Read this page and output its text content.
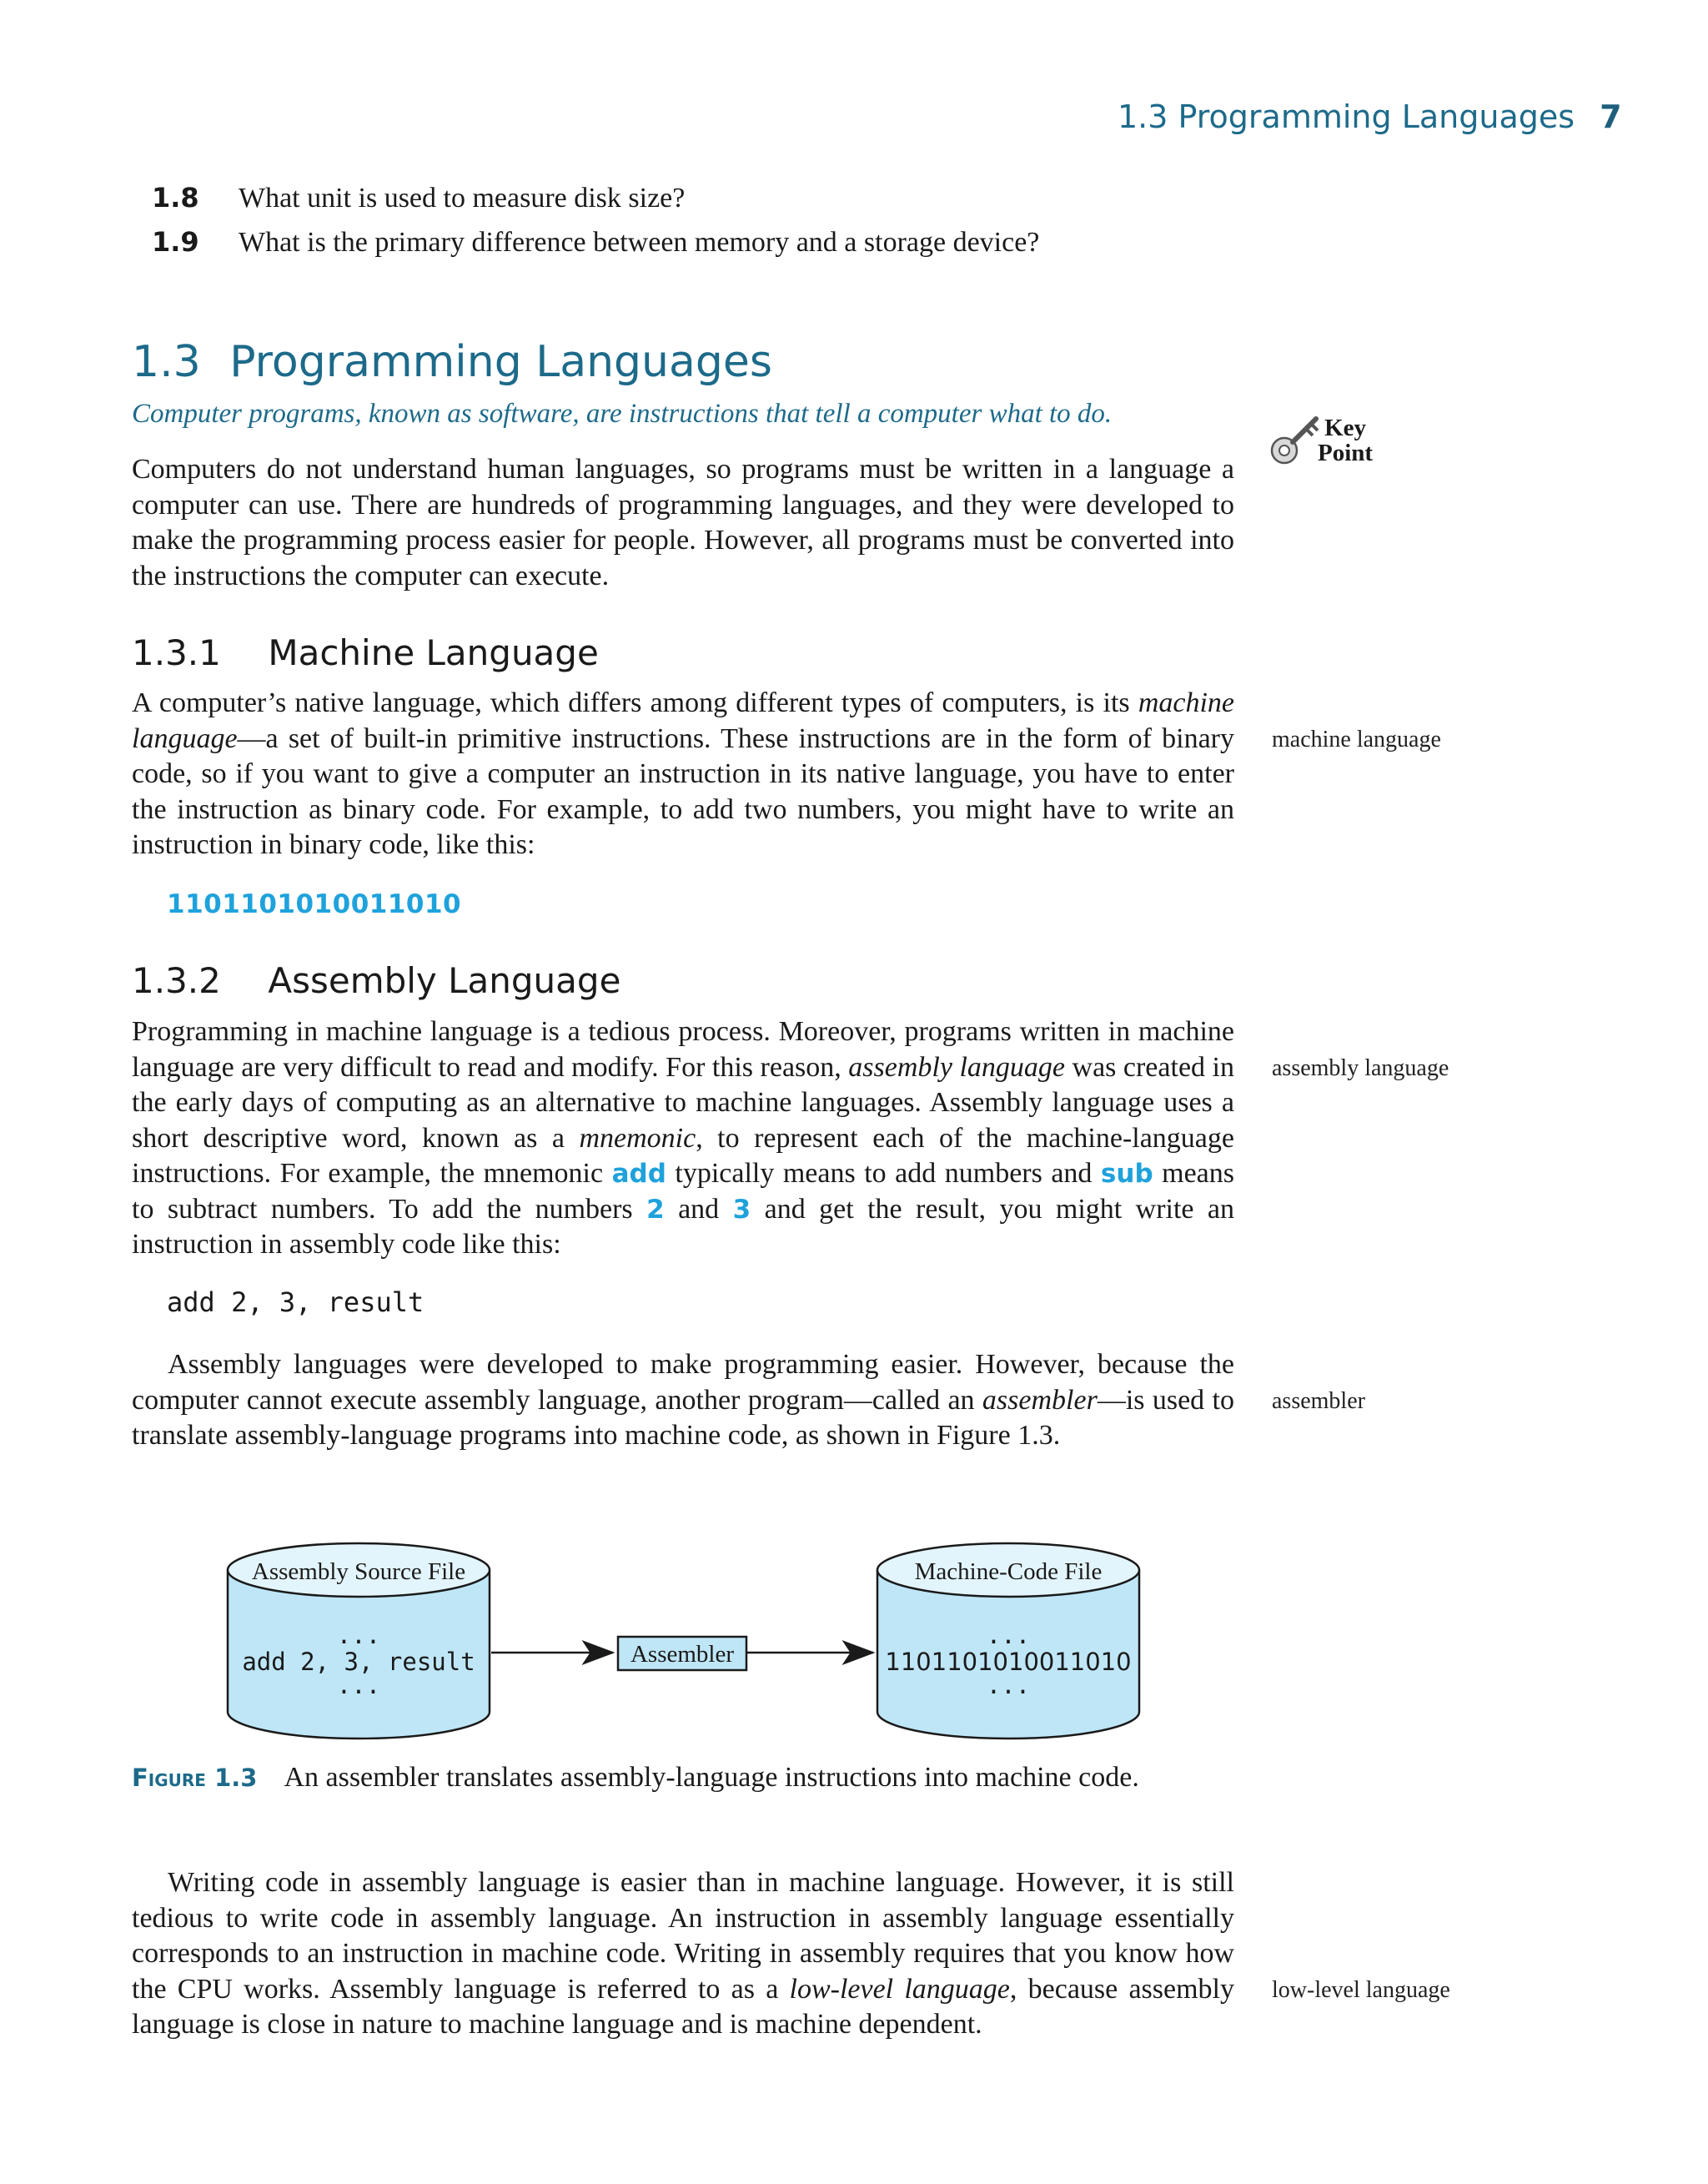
1.3 Programming Languages 7
1.8 What unit is used to measure disk size?
1.9 What is the primary difference between memory and a storage device?
1.3 Programming Languages
Computer programs, known as software, are instructions that tell a computer what to do.	Key
Point
Computers do not understand human languages, so programs must be written in a language a computer can use. There are hundreds of programming languages, and they were developed to make the programming process easier for people. However, all programs must be converted into the instructions the computer can execute.
1.3.1 Machine Language
A computer’s native language, which differs among different types of computers, is its machine language—a set of built-in primitive instructions. These instructions are in the form of binary code, so if you want to give a computer an instruction in its native language, you have to enter the instruction as binary code. For example, to add two numbers, you might have to write an instruction in binary code, like this:
machine language
1101101010011010
1.3.2 Assembly Language
Programming in machine language is a tedious process. Moreover, programs written in machine language are very difficult to read and modify. For this reason, assembly language was created in the early days of computing as an alternative to machine languages. Assembly language uses a short descriptive word, known as a mnemonic, to represent each of the machine-language instructions. For example, the mnemonic add typically means to add numbers and sub means to subtract numbers. To add the numbers 2 and 3 and get the result, you might write an instruction in assembly code like this:
assembly language
add 2, 3, result
Assembly languages were developed to make programming easier. However, because the computer cannot execute assembly language, another program—called an assembler—is used to translate assembly-language programs into machine code, as shown in Figure 1.3.
assembler
Assembly Source File
...
add 2, 3, result
...
Assembler
Machine-Code File
...
1101101010011010
...
Figure 1.3 An assembler translates assembly-language instructions into machine code.
Writing code in assembly language is easier than in machine language. However, it is still tedious to write code in assembly language. An instruction in assembly language essentially corresponds to an instruction in machine code. Writing in assembly requires that you know how the CPU works. Assembly language is referred to as a low-level language, because assembly language is close in nature to machine language and is machine dependent.
low-level language
